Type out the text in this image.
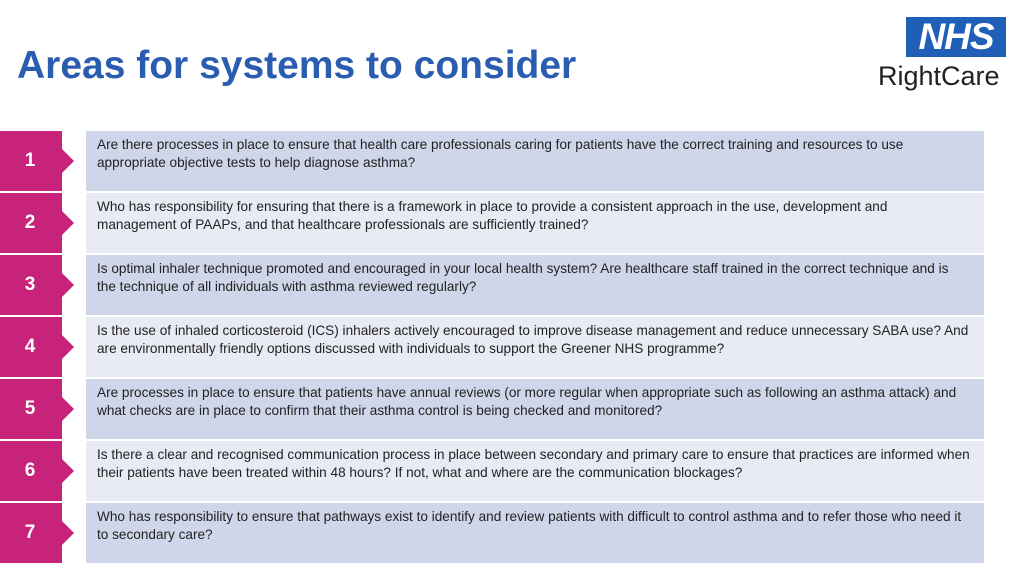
Areas for systems to consider
NHS
RightCare
1
Are there processes in place to ensure that health care professionals caring for patients have the correct training and resources to use appropriate objective tests to help diagnose asthma?
2
Who has responsibility for ensuring that there is a framework in place to provide a consistent approach in the use, development and management of PAAPs, and that healthcare professionals are sufficiently trained?
3
Is optimal inhaler technique promoted and encouraged in your local health system? Are healthcare staff trained in the correct technique and is the technique of all individuals with asthma reviewed regularly?
4
Is the use of inhaled corticosteroid (ICS) inhalers actively encouraged to improve disease management and reduce unnecessary SABA use? And are environmentally friendly options discussed with individuals to support the Greener NHS programme?
5
Are processes in place to ensure that patients have annual reviews (or more regular when appropriate such as following an asthma attack) and what checks are in place to confirm that their asthma control is being checked and monitored?
6
Is there a clear and recognised communication process in place between secondary and primary care to ensure that practices are informed when their patients have been treated within 48 hours? If not, what and where are the communication blockages?
7
Who has responsibility to ensure that pathways exist to identify and review patients with difficult to control asthma and to refer those who need it to secondary care?
